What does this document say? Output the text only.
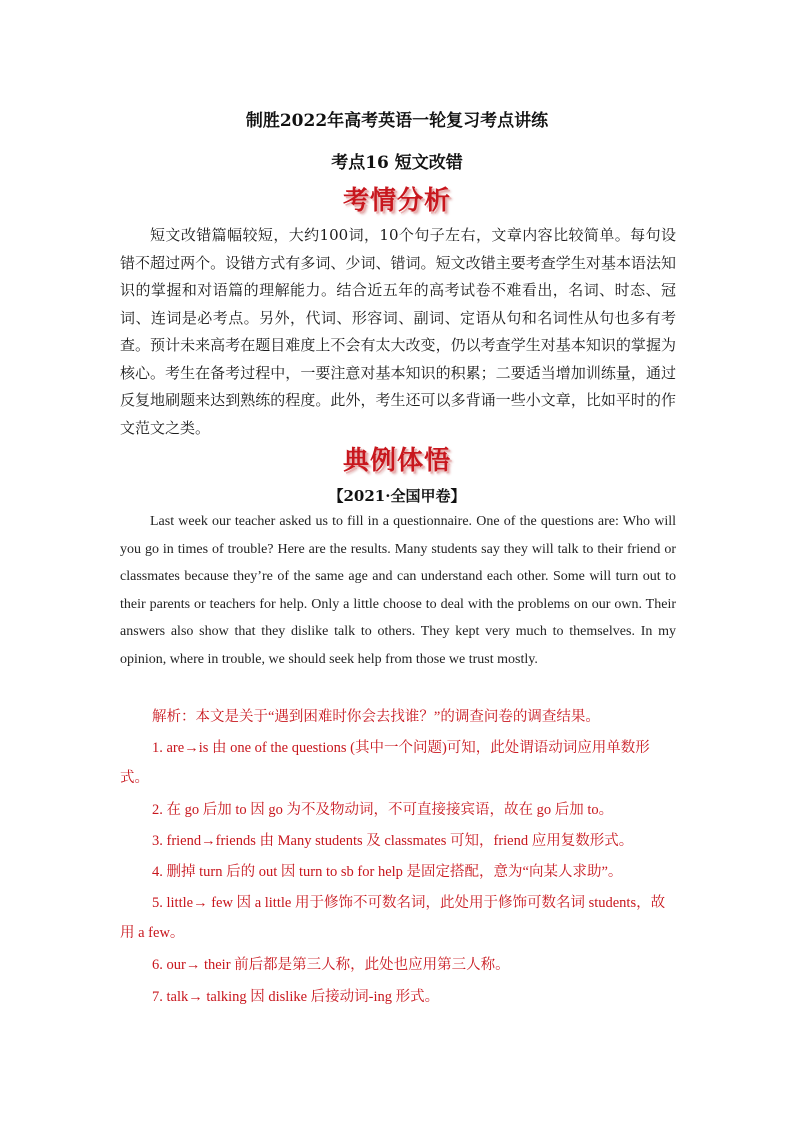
制胜2022年高考英语一轮复习考点讲练
考点16 短文改错
考情分析
短文改错篇幅较短，大约100词，10个句子左右，文章内容比较简单。每句设错不超过两个。设错方式有多词、少词、错词。短文改错主要考查学生对基本语法知识的掌握和对语篇的理解能力。结合近五年的高考试卷不难看出，名词、时态、冠词、连词是必考点。另外，代词、形容词、副词、定语从句和名词性从句也多有考查。预计未来高考在题目难度上不会有太大改变，仍以考查学生对基本知识的掌握为核心。考生在备考过程中，一要注意对基本知识的积累；二要适当增加训练量，通过反复地刷题来达到熟练的程度。此外，考生还可以多背诵一些小文章，比如平时的作文范文之类。
典例体悟
【2021·全国甲卷】
Last week our teacher asked us to fill in a questionnaire. One of the questions are: Who will you go in times of trouble? Here are the results. Many students say they will talk to their friend or classmates because they’re of the same age and can understand each other. Some will turn out to their parents or teachers for help. Only a little choose to deal with the problems on our own. Their answers also show that they dislike talk to others. They kept very much to themselves. In my opinion, where in trouble, we should seek help from those we trust mostly.
解析：本文是关于“遇到困难时你会去找谁？”的调查问卷的调查结果。
1. are→is 由 one of the questions (其中一个问题)可知，此处谓语动词应用单数形式。
2. 在 go 后加 to 因 go 为不及物动词，不可直接接宾语，故在 go 后加 to。
3. friend→friends 由 Many students 及 classmates 可知，friend 应用复数形式。
4. 删掉 turn 后的 out 因 turn to sb for help 是固定搭配，意为“向某人求助”。
5. little→ few 因 a little 用于修饰不可数名词，此处用于修饰可数名词 students，故用 a few。
6. our→ their 前后都是第三人称，此处也应用第三人称。
7. talk→ talking 因 dislike 后接动词-ing 形式。
